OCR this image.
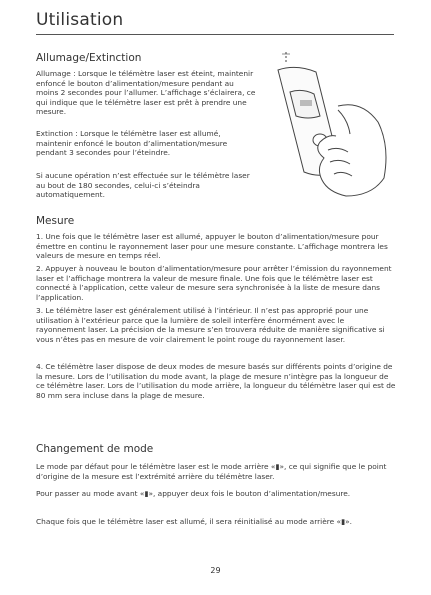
Utilisation
Allumage/Extinction

Allumage : Lorsque le télémètre laser est éteint, maintenir enfoncé le bouton d’alimentation/mesure pendant au moins 2 secondes pour l’allumer. L’affichage s’éclairera, ce qui indique que le télémètre laser est prêt à prendre une mesure.

Extinction : Lorsque le télémètre laser est allumé, maintenir enfoncé le bouton d’alimentation/mesure pendant 3 secondes pour l’éteindre.

Si aucune opération n’est effectuée sur le télémètre laser au bout de 180 secondes, celui-ci s’éteindra automatiquement.

Mesure

1. Une fois que le télémètre laser est allumé, appuyer le bouton d’alimentation/mesure pour émettre en continu le rayonnement laser pour une mesure constante. L’affichage montrera les valeurs de mesure en temps réel.

2. Appuyer à nouveau le bouton d’alimentation/mesure pour arrêter l’émission du rayonnement laser et l’affichage montrera la valeur de mesure finale. Une fois que le télémètre laser est connecté à l’application, cette valeur de mesure sera synchronisée à la liste de mesure dans l’application.

3. Le télémètre laser est généralement utilisé à l’intérieur. Il n’est pas approprié pour une utilisation à l’extérieur parce que la lumière de soleil interfère énormément avec le rayonnement laser. La précision de la mesure s’en trouvera réduite de manière significative si vous n’êtes pas en mesure de voir clairement le point rouge du rayonnement laser.

4. Ce télémètre laser dispose de deux modes de mesure basés sur différents points d’origine de la mesure. Lors de l’utilisation du mode avant, la plage de mesure n’intègre pas la longueur de ce télémètre laser. Lors de l’utilisation du mode arrière, la longueur du télémètre laser qui est de 80 mm sera incluse dans la plage de mesure.

Changement de mode

Le mode par défaut pour le télémètre laser est le mode arrière «▮», ce qui signifie que le point d’origine de la mesure est l’extrémité arrière du télémètre laser.

Pour passer au mode avant «▮», appuyer deux fois le bouton d’alimentation/mesure.

Chaque fois que le télémètre laser est allumé, il sera réinitialisé au mode arrière «▮».

29
